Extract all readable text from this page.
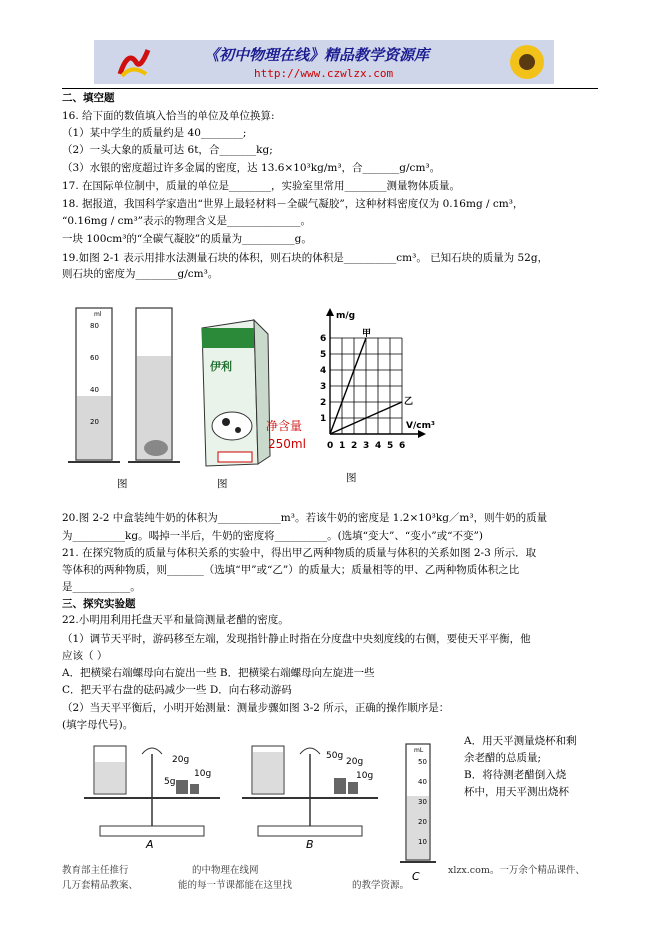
《初中物理在线》精品教学资源库
http://www.czwlzx.com
二、填空题
16. 给下面的数值填入恰当的单位及单位换算:
（1）某中学生的质量约是 40________;
（2）一头大象的质量可达 6t，合_______kg;
（3）水银的密度超过许多金属的密度，达 13.6×10³kg/m³，合_______g/cm³。
17. 在国际单位制中，质量的单位是________，实验室里常用________测量物体质量。
18. 据报道，我国科学家造出“世界上最轻材料－全碳气凝胶”，这种材料密度仅为 0.16mg / cm³，
“0.16mg / cm³”表示的物理含义是______________。
一块 100cm³的“全碳气凝胶”的质量为__________g。
19.如图 2-1 表示用排水法测量石块的体积，则石块的体积是__________cm³。 已知石块的质量为 52g，
则石块的密度为________g/cm³。
ml
80
60
40
20
图
伊利
净含量
250ml
图
m/g
V/cm³
甲
乙
1
2
3
4
5
6
0 1 2 3 4 5 6
图
20.图 2-2 中盒装纯牛奶的体积为____________m³。若该牛奶的密度是 1.2×10³kg／m³，则牛奶的质量
为__________kg。喝掉一半后，牛奶的密度将__________。(选填“变大”、“变小”或“不变”)
21. 在探究物质的质量与体积关系的实验中，得出甲乙两种物质的质量与体积的关系如图 2-3 所示．取
等体积的两种物质，则_______（选填“甲”或“乙”）的质量大；质量相等的甲、乙两种物质体积之比
是___________。
三、探究实验题
22.小明用利用托盘天平和量筒测量老醋的密度。
（1）调节天平时，游码移至左端，发现指针静止时指在分度盘中央刻度线的右侧，要使天平平衡，他
应该（ ）
A．把横梁右端螺母向右旋出一些 B．把横梁右端螺母向左旋进一些
C．把天平右盘的砝码减少一些 D．向右移动游码
（2）当天平平衡后，小明开始测量：测量步骤如图 3-2 所示，正确的操作顺序是：
(填字母代号)。
20g
10g
5g
A
50g
20g
10g
B
mL
50
40
30
20
10
C
A．用天平测量烧杯和剩
余老醋的总质量;
B．将待测老醋倒入烧
杯中，用天平测出烧杯
教育部主任推行	的中物理在线网	xlzx.com。一万余个精品课件、
几万套精品教案、	能的每一节课都能在这里找	的教学资源。
